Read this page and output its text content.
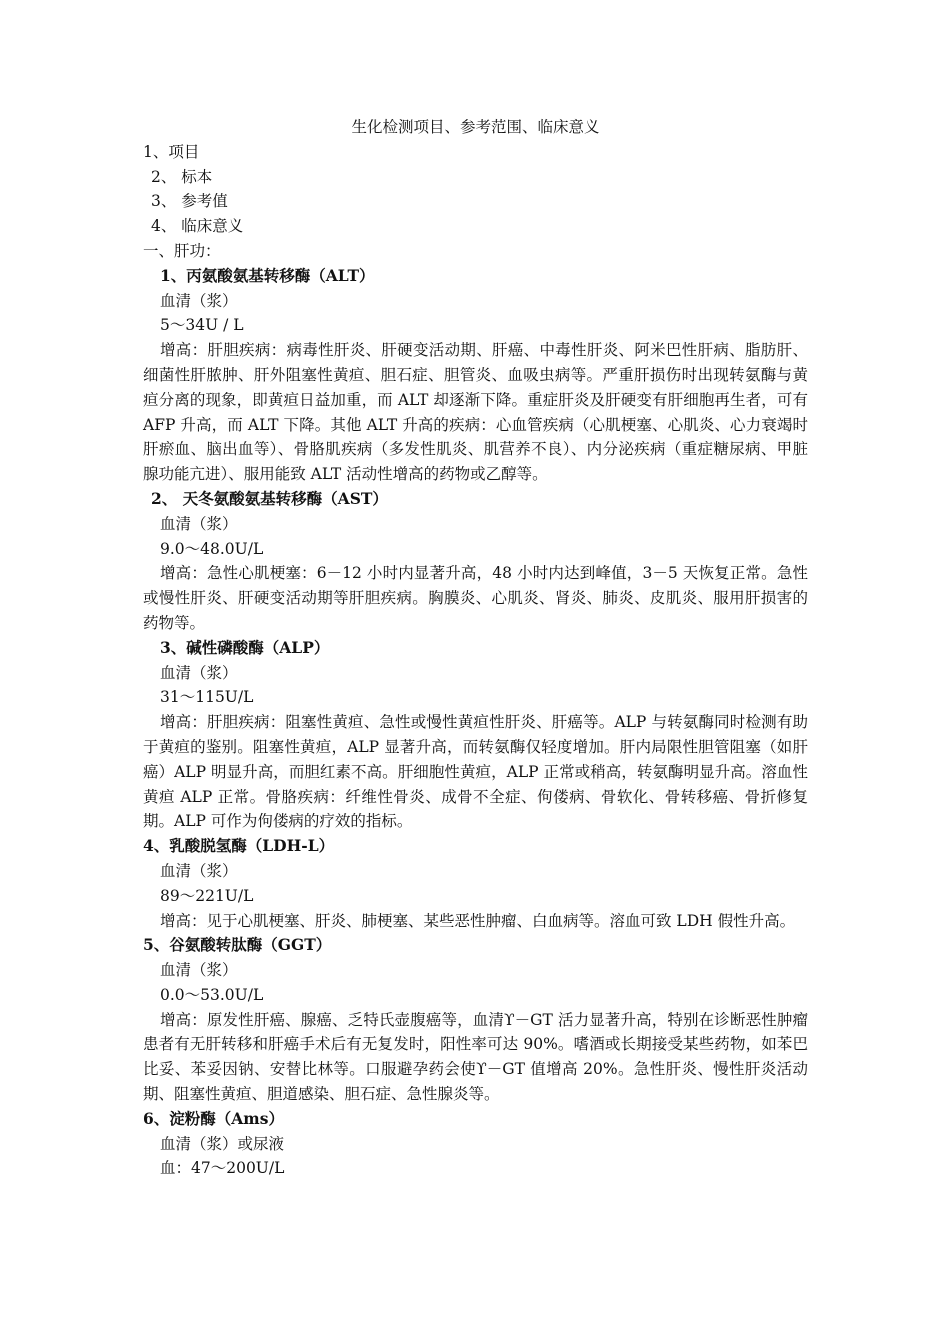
生化检测项目、参考范围、临床意义
1、项目
2、 标本
3、 参考值
4、 临床意义
一、肝功：
1、丙氨酸氨基转移酶（ALT）
血清（浆）
5～34U / L
增高：肝胆疾病：病毒性肝炎、肝硬变活动期、肝癌、中毒性肝炎、阿米巴性肝病、脂肪肝、细菌性肝脓肿、肝外阻塞性黄疸、胆石症、胆管炎、血吸虫病等。严重肝损伤时出现转氨酶与黄疸分离的现象，即黄疸日益加重，而 ALT 却逐渐下降。重症肝炎及肝硬变有肝细胞再生者，可有 AFP 升高，而 ALT 下降。其他 ALT 升高的疾病：心血管疾病（心肌梗塞、心肌炎、心力衰竭时肝瘀血、脑出血等）、骨胳肌疾病（多发性肌炎、肌营养不良）、内分泌疾病（重症糖尿病、甲脏腺功能亢进）、服用能致 ALT 活动性增高的药物或乙醇等。
2、 天冬氨酸氨基转移酶（AST）
血清（浆）
9.0～48.0U/L
增高：急性心肌梗塞：6－12 小时内显著升高，48 小时内达到峰值，3－5 天恢复正常。急性或慢性肝炎、肝硬变活动期等肝胆疾病。胸膜炎、心肌炎、肾炎、肺炎、皮肌炎、服用肝损害的药物等。
3、碱性磷酸酶（ALP）
血清（浆）
31～115U/L
增高：肝胆疾病：阻塞性黄疸、急性或慢性黄疸性肝炎、肝癌等。ALP 与转氨酶同时检测有助于黄疸的鉴别。阻塞性黄疸，ALP 显著升高，而转氨酶仅轻度增加。肝内局限性胆管阻塞（如肝癌）ALP 明显升高，而胆红素不高。肝细胞性黄疸，ALP 正常或稍高，转氨酶明显升高。溶血性黄疸 ALP 正常。骨胳疾病：纤维性骨炎、成骨不全症、佝偻病、骨软化、骨转移癌、骨折修复期。ALP 可作为佝偻病的疗效的指标。
4、乳酸脱氢酶（LDH-L）
血清（浆）
89～221U/L
增高：见于心肌梗塞、肝炎、肺梗塞、某些恶性肿瘤、白血病等。溶血可致 LDH 假性升高。
5、谷氨酸转肽酶（GGT）
血清（浆）
0.0～53.0U/L
增高：原发性肝癌、腺癌、乏特氏壶腹癌等，血清ϒ－GT 活力显著升高，特别在诊断恶性肿瘤患者有无肝转移和肝癌手术后有无复发时，阳性率可达 90%。嗜酒或长期接受某些药物，如苯巴比妥、苯妥因钠、安替比林等。口服避孕药会使ϒ－GT 值增高 20%。急性肝炎、慢性肝炎活动期、阻塞性黄疸、胆道感染、胆石症、急性腺炎等。
6、淀粉酶（Ams）
血清（浆）或尿液
血：47～200U/L
